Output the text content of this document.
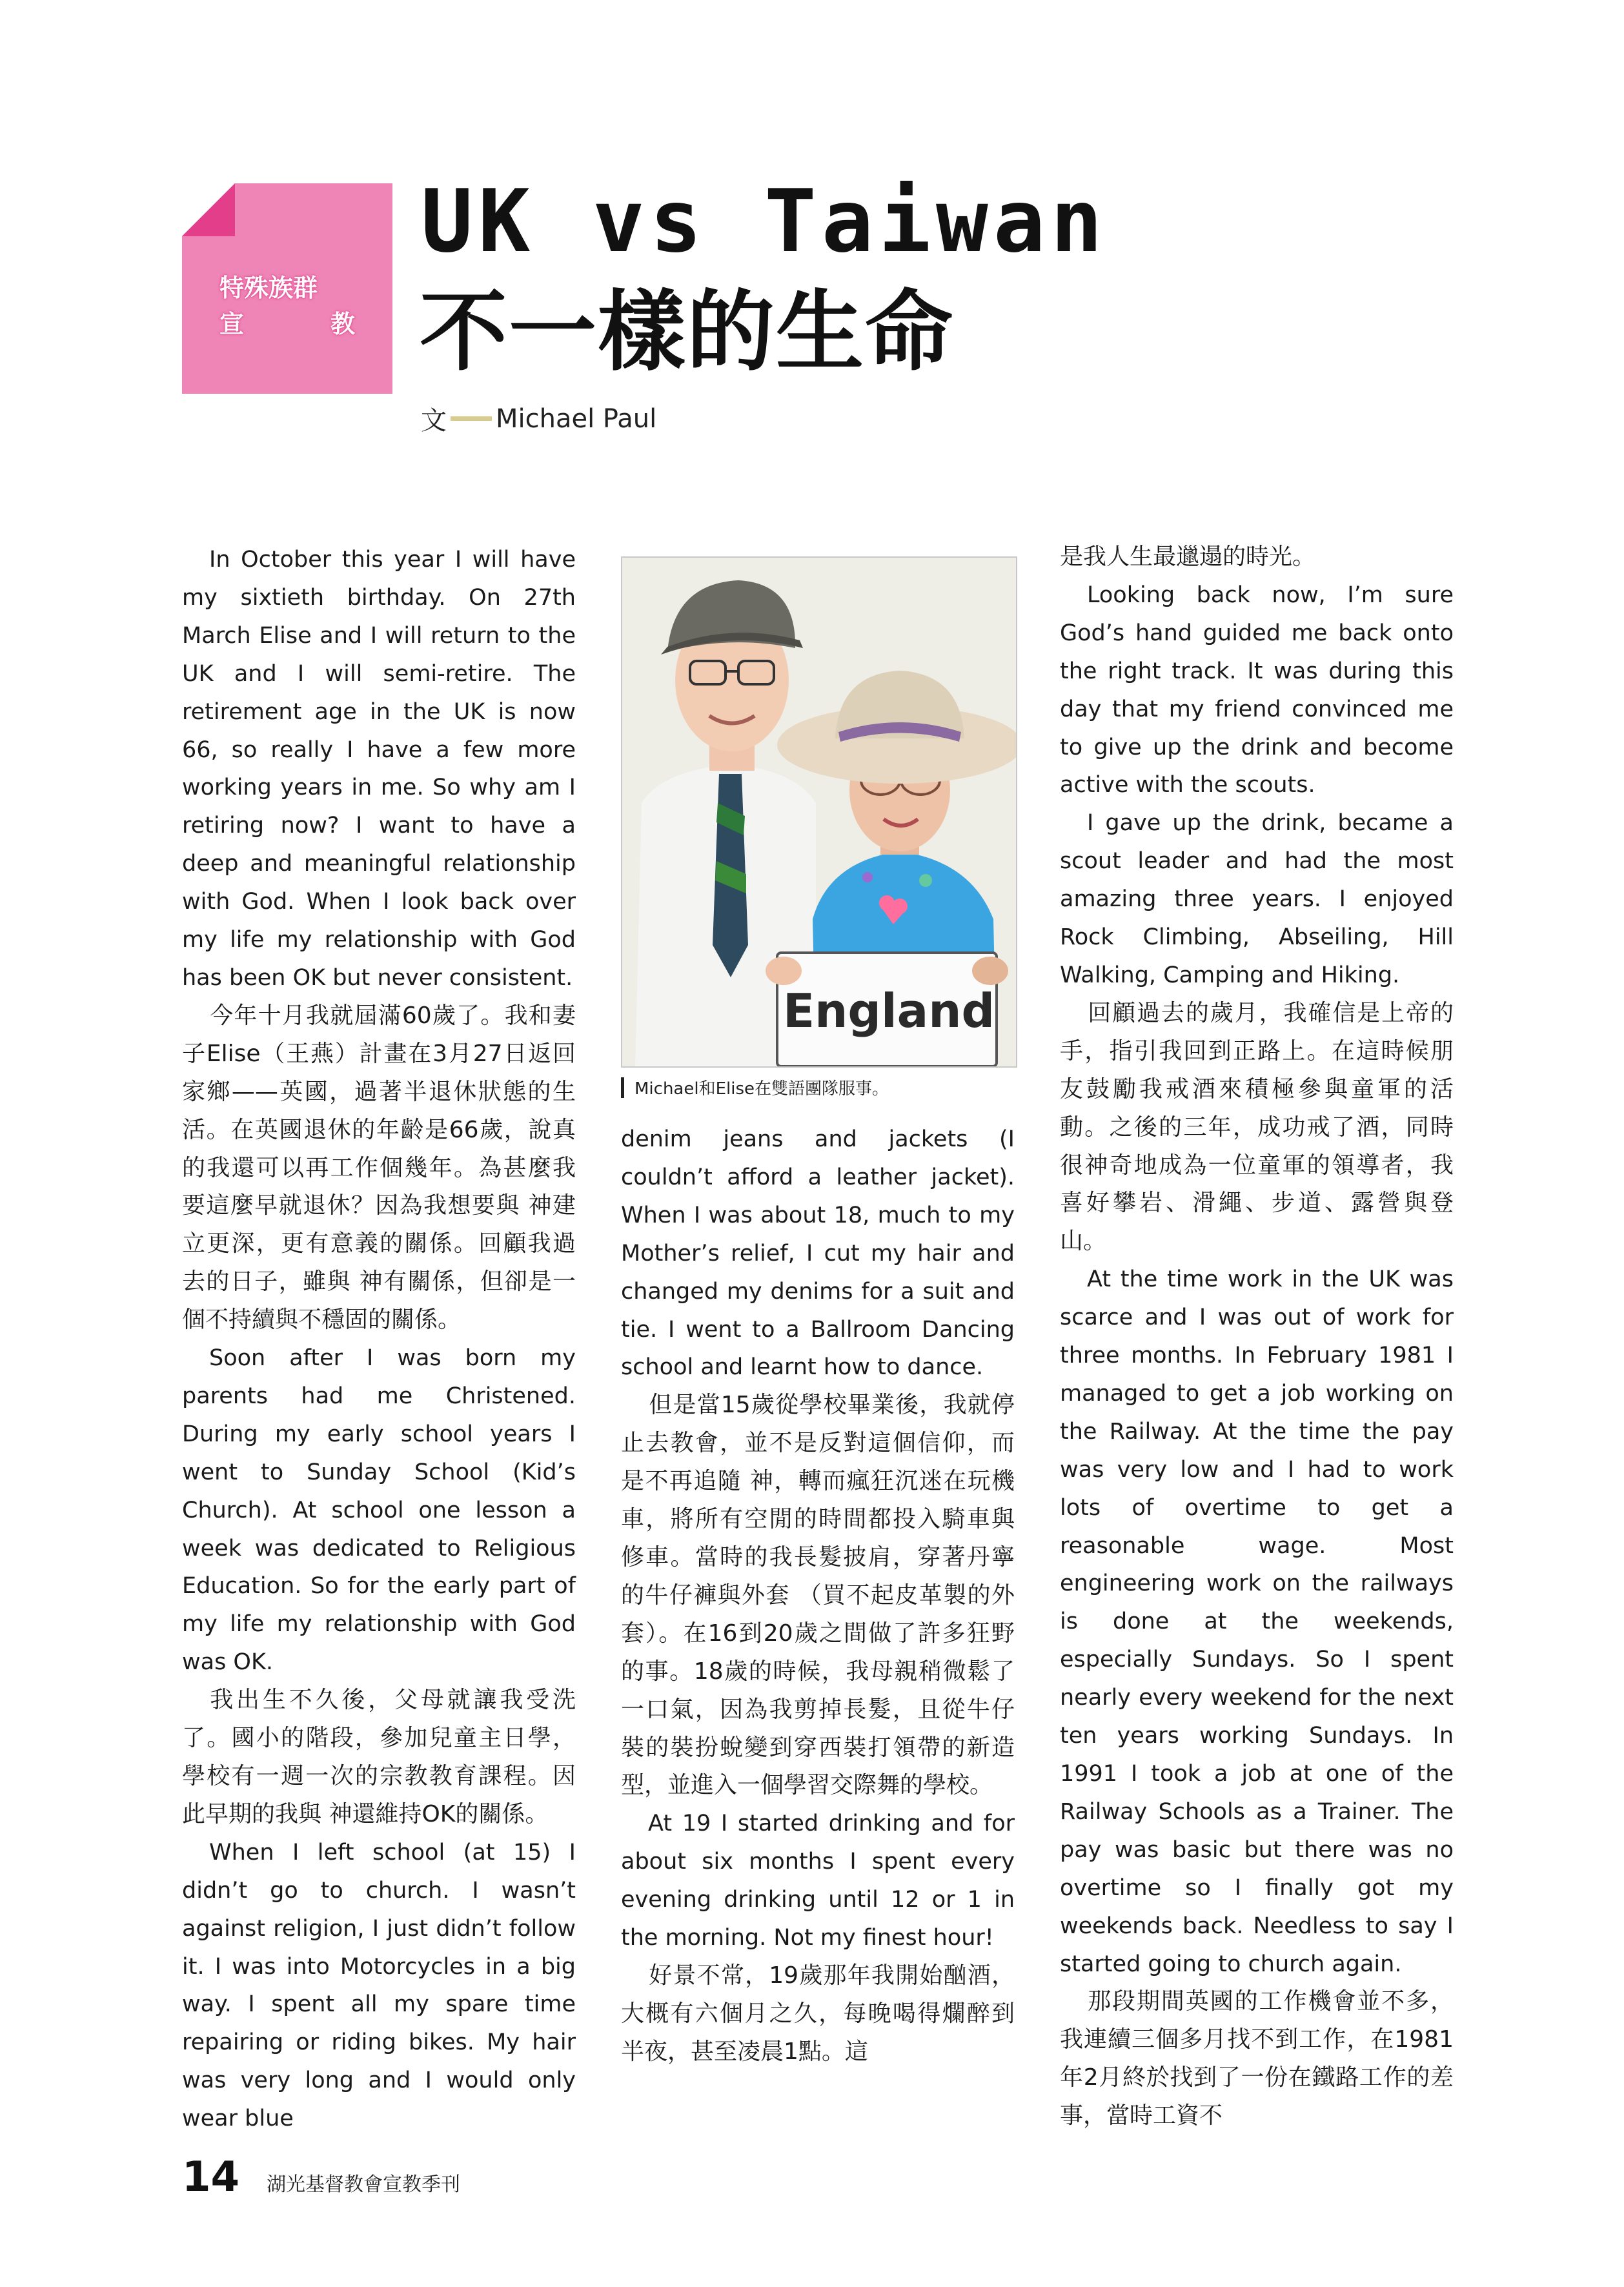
特殊族群
宣	教
UK vs Taiwan
不一樣的生命
文 Michael Paul

In October this year I will have my sixtieth birthday. On 27th March Elise and I will return to the UK and I will semi-retire. The retirement age in the UK is now 66, so really I have a few more working years in me. So why am I retiring now? I want to have a deep and meaningful relationship with God. When I look back over my life my relationship with God has been OK but never consistent.

今年十月我就屆滿60歲了。我和妻子Elise（王燕）計畫在3月27日返回家鄉——英國，過著半退休狀態的生活。在英國退休的年齡是66歲，說真的我還可以再工作個幾年。為甚麼我要這麼早就退休？因為我想要與 神建立更深，更有意義的關係。回顧我過去的日子，雖與 神有關係，但卻是一個不持續與不穩固的關係。

Soon after I was born my parents had me Christened. During my early school years I went to Sunday School (Kid’s Church). At school one lesson a week was dedicated to Religious Education. So for the early part of my life my relationship with God was OK.

我出生不久後，父母就讓我受洗了。國小的階段，參加兒童主日學，學校有一週一次的宗教教育課程。因此早期的我與 神還維持OK的關係。

When I left school (at 15) I didn’t go to church. I wasn’t against religion, I just didn’t follow it. I was into Motorcycles in a big way. I spent all my spare time repairing or riding bikes. My hair was very long and I would only wear blue

England
Michael和Elise在雙語團隊服事。

denim jeans and jackets (I couldn’t afford a leather jacket). When I was about 18, much to my Mother’s relief, I cut my hair and changed my denims for a suit and tie. I went to a Ballroom Dancing school and learnt how to dance.

但是當15歲從學校畢業後，我就停止去教會，並不是反對這個信仰，而是不再追隨 神，轉而瘋狂沉迷在玩機車，將所有空閒的時間都投入騎車與修車。當時的我長髮披肩，穿著丹寧的牛仔褲與外套 （買不起皮革製的外套）。在16到20歲之間做了許多狂野的事。18歲的時候，我母親稍微鬆了一口氣，因為我剪掉長髮，且從牛仔裝的裝扮蛻變到穿西裝打領帶的新造型，並進入一個學習交際舞的學校。

At 19 I started drinking and for about six months I spent every evening drinking until 12 or 1 in the morning. Not my finest hour!

好景不常，19歲那年我開始酗酒，大概有六個月之久，每晚喝得爛醉到半夜，甚至凌晨1點。這

是我人生最邋遢的時光。

Looking back now, I’m sure God’s hand guided me back onto the right track. It was during this day that my friend convinced me to give up the drink and become active with the scouts.

I gave up the drink, became a scout leader and had the most amazing three years. I enjoyed Rock Climbing, Abseiling, Hill Walking, Camping and Hiking.

回顧過去的歲月，我確信是上帝的手，指引我回到正路上。在這時候朋友鼓勵我戒酒來積極參與童軍的活動。之後的三年，成功戒了酒，同時很神奇地成為一位童軍的領導者，我喜好攀岩、滑繩、步道、露營與登山。

At the time work in the UK was scarce and I was out of work for three months. In February 1981 I managed to get a job working on the Railway. At the time the pay was very low and I had to work lots of overtime to get a reasonable wage. Most engineering work on the railways is done at the weekends, especially Sundays. So I spent nearly every weekend for the next ten years working Sundays. In 1991 I took a job at one of the Railway Schools as a Trainer. The pay was basic but there was no overtime so I finally got my weekends back. Needless to say I started going to church again.

那段期間英國的工作機會並不多，我連續三個多月找不到工作，在1981年2月終於找到了一份在鐵路工作的差事，當時工資不

14 湖光基督教會宣教季刊
